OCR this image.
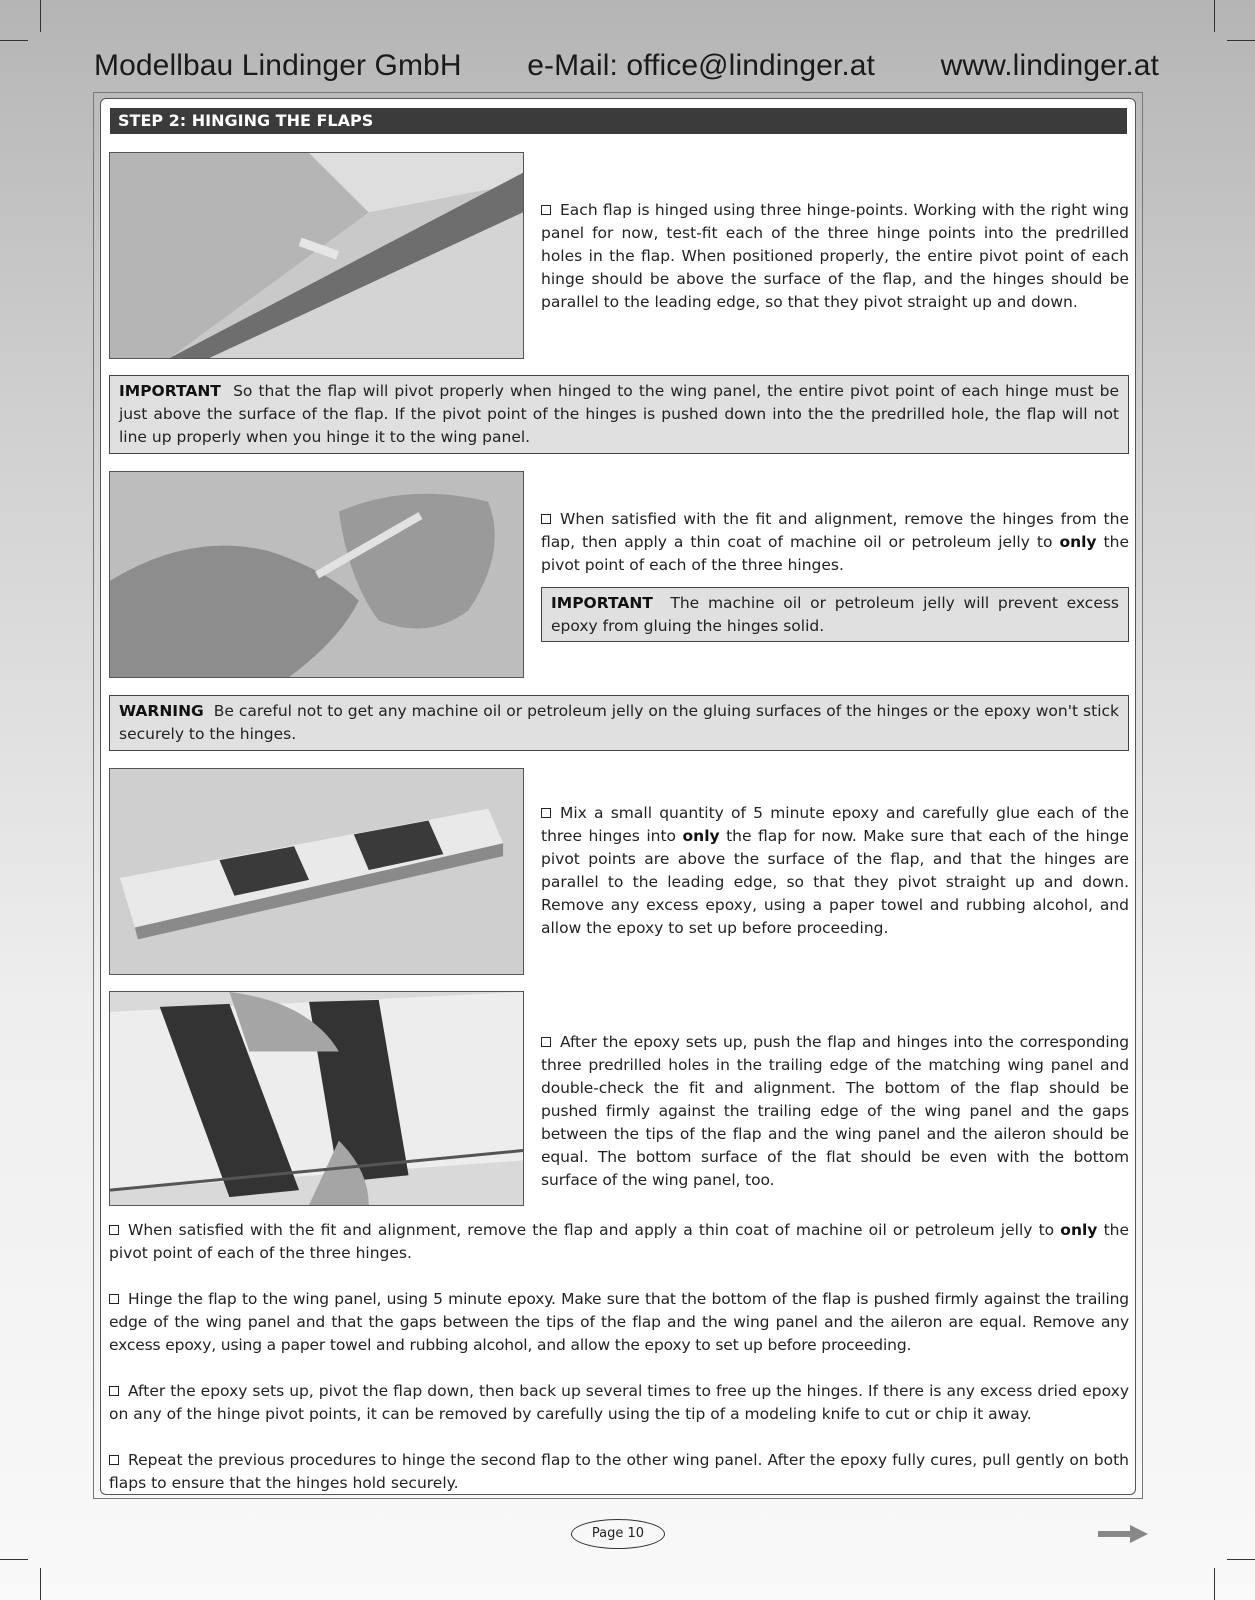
Modellbau Lindinger GmbH e-Mail: office@lindinger.at www.lindinger.at
STEP 2: HINGING THE FLAPS
Each flap is hinged using three hinge-points. Working with the right wing panel for now, test-fit each of the three hinge points into the predrilled holes in the flap. When positioned properly, the entire pivot point of each hinge should be above the surface of the flap, and the hinges should be parallel to the leading edge, so that they pivot straight up and down.
IMPORTANT So that the flap will pivot properly when hinged to the wing panel, the entire pivot point of each hinge must be just above the surface of the flap. If the pivot point of the hinges is pushed down into the the predrilled hole, the flap will not line up properly when you hinge it to the wing panel.
When satisfied with the fit and alignment, remove the hinges from the flap, then apply a thin coat of machine oil or petroleum jelly to only the pivot point of each of the three hinges.
IMPORTANT The machine oil or petroleum jelly will prevent excess epoxy from gluing the hinges solid.
WARNING Be careful not to get any machine oil or petroleum jelly on the gluing surfaces of the hinges or the epoxy won't stick securely to the hinges.
Mix a small quantity of 5 minute epoxy and carefully glue each of the three hinges into only the flap for now. Make sure that each of the hinge pivot points are above the surface of the flap, and that the hinges are parallel to the leading edge, so that they pivot straight up and down. Remove any excess epoxy, using a paper towel and rubbing alcohol, and allow the epoxy to set up before proceeding.
After the epoxy sets up, push the flap and hinges into the corresponding three predrilled holes in the trailing edge of the matching wing panel and double-check the fit and alignment. The bottom of the flap should be pushed firmly against the trailing edge of the wing panel and the gaps between the tips of the flap and the wing panel and the aileron should be equal. The bottom surface of the flat should be even with the bottom surface of the wing panel, too.
When satisfied with the fit and alignment, remove the flap and apply a thin coat of machine oil or petroleum jelly to only the pivot point of each of the three hinges.
Hinge the flap to the wing panel, using 5 minute epoxy. Make sure that the bottom of the flap is pushed firmly against the trailing edge of the wing panel and that the gaps between the tips of the flap and the wing panel and the aileron are equal. Remove any excess epoxy, using a paper towel and rubbing alcohol, and allow the epoxy to set up before proceeding.
After the epoxy sets up, pivot the flap down, then back up several times to free up the hinges. If there is any excess dried epoxy on any of the hinge pivot points, it can be removed by carefully using the tip of a modeling knife to cut or chip it away.
Repeat the previous procedures to hinge the second flap to the other wing panel. After the epoxy fully cures, pull gently on both flaps to ensure that the hinges hold securely.
Page 10
